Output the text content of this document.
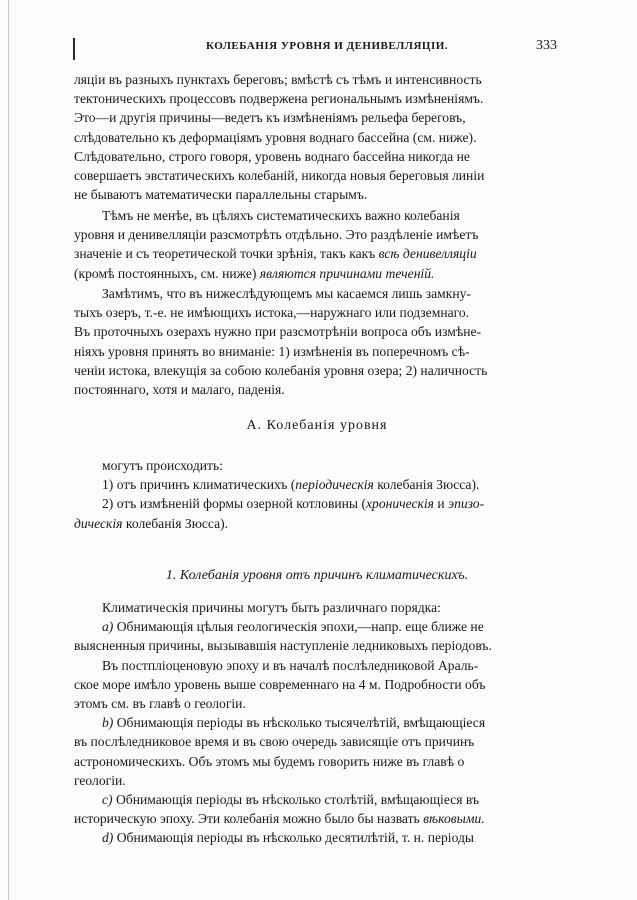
КОЛЕБАНІЯ УРОВНЯ И ДЕНИВЕЛЛЯЦІИ.	333
ляціи въ разныхъ пунктахъ береговъ; вмѣстѣ съ тѣмъ и интенсивность
тектоническихъ процессовъ подвержена региональнымъ измѣненіямъ.
Это—и другія причины—ведетъ къ измѣненіямъ рельефа береговъ,
слѣдовательно къ деформаціямъ уровня воднаго бассейна (см. ниже).
Слѣдовательно, строго говоря, уровень воднаго бассейна никогда не
совершаетъ эвстатическихъ колебаній, никогда новыя береговыя линіи
не бываютъ математически параллельны старымъ.
Тѣмъ не менѣе, въ цѣляхъ систематическихъ важно колебанія
уровня и денивелляціи разсмотрѣть отдѣльно. Это раздѣленіе имѣетъ
значеніе и съ теоретической точки зрѣнія, такъ какъ всѣ денивелляціи
(кромѣ постоянныхъ, см. ниже) являются причинами теченій.
Замѣтимъ, что въ нижеслѣдующемъ мы касаемся лишь замкну-
тыхъ озеръ, т.-е. не имѣющихъ истока,—наружнаго или подземнаго.
Въ проточныхъ озерахъ нужно при разсмотрѣніи вопроса объ измѣне-
ніяхъ уровня принять во вниманіе: 1) измѣненія въ поперечномъ сѣ-
ченіи истока, влекущія за собою колебанія уровня озера; 2) наличность
постояннаго, хотя и малаго, паденія.
A. Колебанія уровня
могутъ происходить:
1) отъ причинъ климатическихъ (періодическія колебанія Зюсса).
2) отъ измѣненій формы озерной котловины (хроническія и эпизо-
дическія колебанія Зюсса).
1. Колебанія уровня отъ причинъ климатическихъ.
Климатическія причины могутъ быть различнаго порядка:
a) Обнимающія цѣлыя геологическія эпохи,—напр. еще ближе не
выясненныя причины, вызывавшія наступленіе ледниковыхъ періодовъ.
Въ постпліоценовую эпоху и въ началѣ послѣледниковой Араль-
ское море имѣло уровень выше современнаго на 4 м. Подробности объ
этомъ см. въ главѣ о геологіи.
b) Обнимающія періоды въ нѣсколько тысячелѣтій, вмѣщающіеся
въ послѣледниковое время и въ свою очередь зависящіе отъ причинъ
астрономическихъ. Объ этомъ мы будемъ говорить ниже въ главѣ о
геологіи.
c) Обнимающія періоды въ нѣсколько столѣтій, вмѣщающіеся въ
историческую эпоху. Эти колебанія можно было бы назвать вѣковыми.
d) Обнимающія періоды въ нѣсколько десятилѣтій, т. н. періоды
